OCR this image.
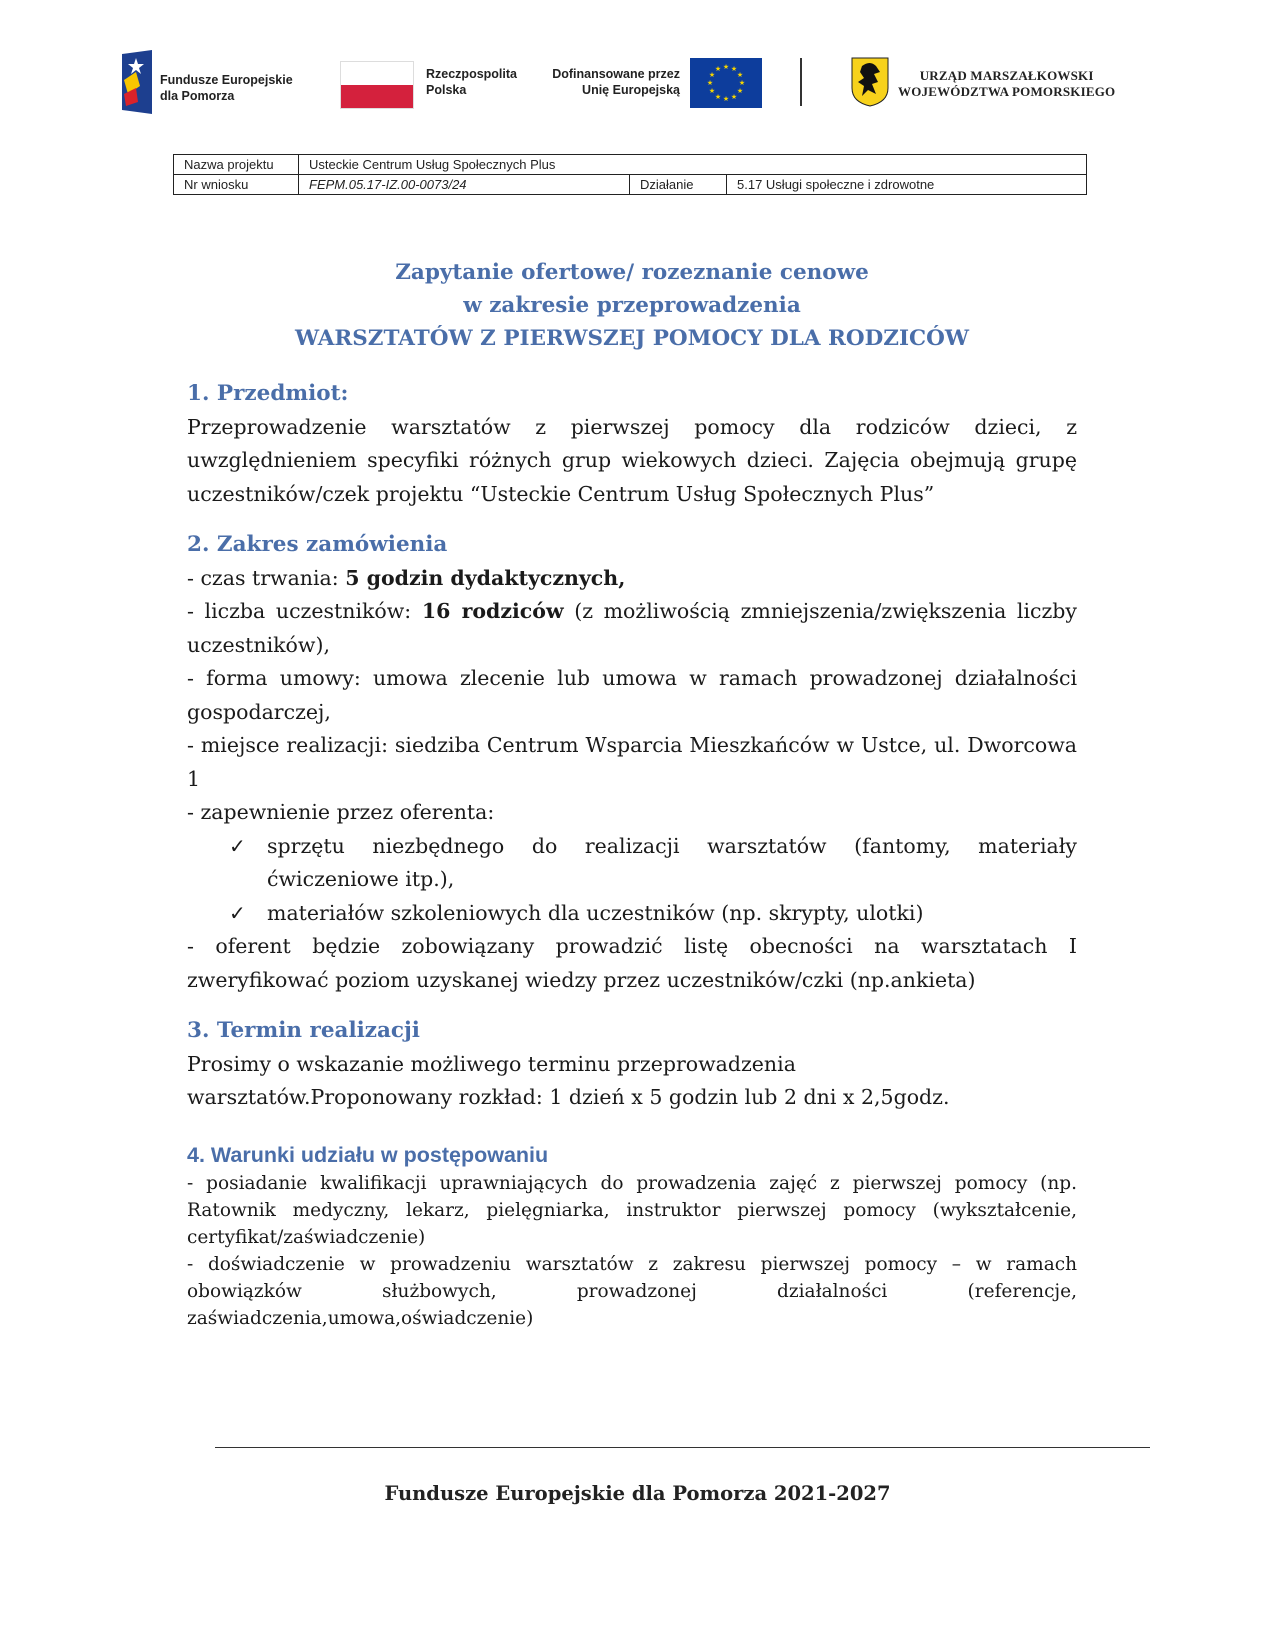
Fundusze Europejskie
dla Pomorza
Rzeczpospolita
Polska
Dofinansowane przez
Unię Europejską
★ ★
★
★
★
★
★
★
★
★
★
★	URZĄD MARSZAŁKOWSKI
WOJEWÓDZTWA POMORSKIEGO
Nazwa projektu	Usteckie Centrum Usług Społecznych Plus		
Nr wniosku	FEPM.05.17-IZ.00-0073/24	Działanie	5.17 Usługi społeczne i zdrowotne
Zapytanie ofertowe/ rozeznanie cenowe
w zakresie przeprowadzenia
WARSZTATÓW Z PIERWSZEJ POMOCY DLA RODZICÓW
1. Przedmiot:

Przeprowadzenie warsztatów z pierwszej pomocy dla rodziców dzieci, z uwzględnieniem specyfiki różnych grup wiekowych dzieci. Zajęcia obejmują grupę uczestników/czek projektu “Usteckie Centrum Usług Społecznych Plus”

2. Zakres zamówienia

- czas trwania: 5 godzin dydaktycznych,

- liczba uczestników: 16 rodziców (z możliwością zmniejszenia/zwiększenia liczby uczestników),

- forma umowy: umowa zlecenie lub umowa w ramach prowadzonej działalności gospodarczej,

- miejsce realizacji: siedziba Centrum Wsparcia Mieszkańców w Ustce, ul. Dworcowa 1

- zapewnienie przez oferenta:

✓ sprzętu niezbędnego do realizacji warsztatów (fantomy, materiały ćwiczeniowe itp.),

✓ materiałów szkoleniowych dla uczestników (np. skrypty, ulotki)

- oferent będzie zobowiązany prowadzić listę obecności na warsztatach I zweryfikować poziom uzyskanej wiedzy przez uczestników/czki (np.ankieta)

3. Termin realizacji

Prosimy o wskazanie możliwego terminu przeprowadzenia

warsztatów.Proponowany rozkład: 1 dzień x 5 godzin lub 2 dni x 2,5godz.

4. Warunki udziału w postępowaniu

- posiadanie kwalifikacji uprawniających do prowadzenia zajęć z pierwszej pomocy (np. Ratownik medyczny, lekarz, pielęgniarka, instruktor pierwszej pomocy (wykształcenie, certyfikat/zaświadczenie)

- doświadczenie w prowadzeniu warsztatów z zakresu pierwszej pomocy – w ramach obowiązków służbowych, prowadzonej działalności (referencje, zaświadczenia,umowa,oświadczenie)

Fundusze Europejskie dla Pomorza 2021-2027
